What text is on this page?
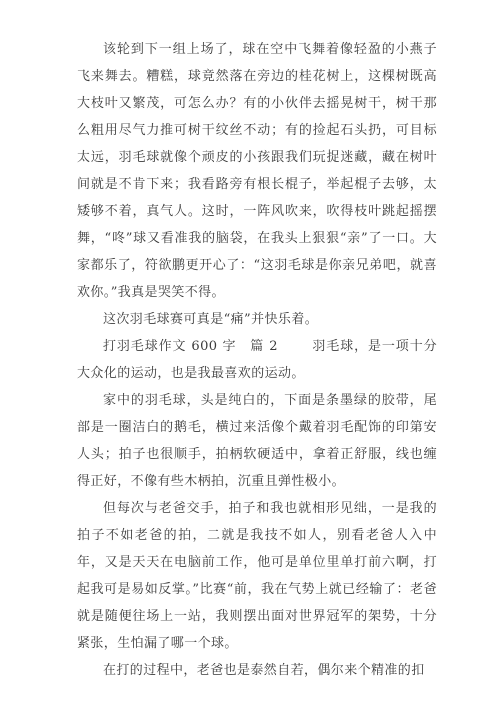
该轮到下一组上场了，球在空中飞舞着像轻盈的小燕子飞来舞去。糟糕，球竟然落在旁边的桂花树上，这棵树既高大枝叶又繁茂，可怎么办？有的小伙伴去摇晃树干，树干那么粗用尽气力推可树干纹丝不动；有的捡起石头扔，可目标太远，羽毛球就像个顽皮的小孩跟我们玩捉迷藏，藏在树叶间就是不肯下来；我看路旁有根长棍子，举起棍子去够，太矮够不着，真气人。这时，一阵风吹来，吹得枝叶跳起摇摆舞，“咚”球又看准我的脑袋，在我头上狠狠“亲”了一口。大家都乐了，符欲鹏更开心了：“这羽毛球是你亲兄弟吧，就喜欢你。”我真是哭笑不得。

这次羽毛球赛可真是“痛”并快乐着。

打羽毛球作文 600 字　篇 2	羽毛球，是一项十分大众化的运动，也是我最喜欢的运动。

家中的羽毛球，头是纯白的，下面是条墨绿的胶带，尾部是一圈洁白的鹅毛，横过来活像个戴着羽毛配饰的印第安人头；拍子也很顺手，拍柄软硬适中，拿着正舒服，线也缠得正好，不像有些木柄拍，沉重且弹性极小。

但每次与老爸交手，拍子和我也就相形见绌，一是我的拍子不如老爸的拍，二就是我技不如人，别看老爸人入中年，又是天天在电脑前工作，他可是单位里单打前六啊，打起我可是易如反掌。”比赛“前，我在气势上就已经输了：老爸就是随便往场上一站，我则摆出面对世界冠军的架势，十分紧张，生怕漏了哪一个球。

在打的过程中，老爸也是泰然自若，偶尔来个精准的扣
